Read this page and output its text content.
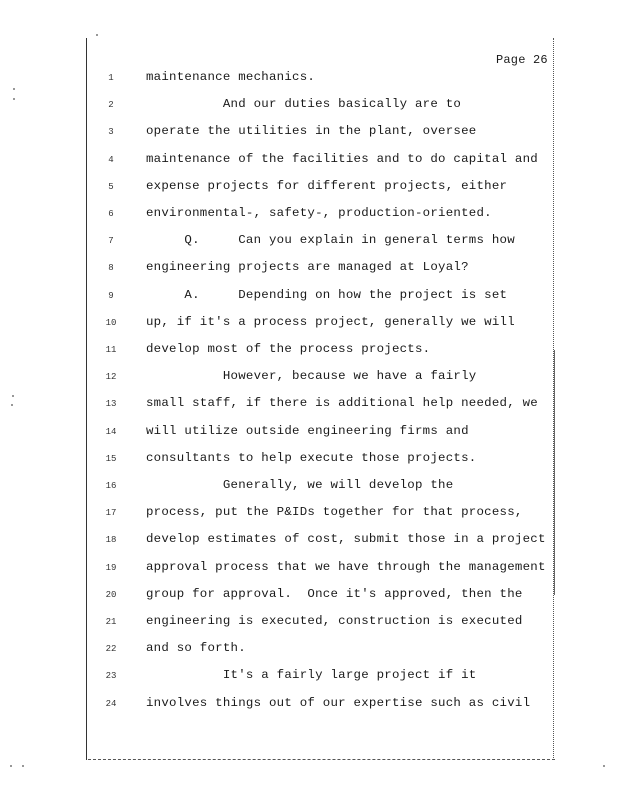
Page 26
1	maintenance mechanics.
2	And our duties basically are to
3	operate the utilities in the plant, oversee
4	maintenance of the facilities and to do capital and
5	expense projects for different projects, either
6	environmental-, safety-, production-oriented.
7	Q.     Can you explain in general terms how
8	engineering projects are managed at Loyal?
9	A.     Depending on how the project is set
10 up, if it's a process project, generally we will
11 develop most of the process projects.
12 However, because we have a fairly
13 small staff, if there is additional help needed, we
14 will utilize outside engineering firms and
15 consultants to help execute those projects.
16 Generally, we will develop the
17 process, put the P&IDs together for that process,
18 develop estimates of cost, submit those in a project
19 approval process that we have through the management
20 group for approval.  Once it's approved, then the
21 engineering is executed, construction is executed
22 and so forth.
23 It's a fairly large project if it
24 involves things out of our expertise such as civil
